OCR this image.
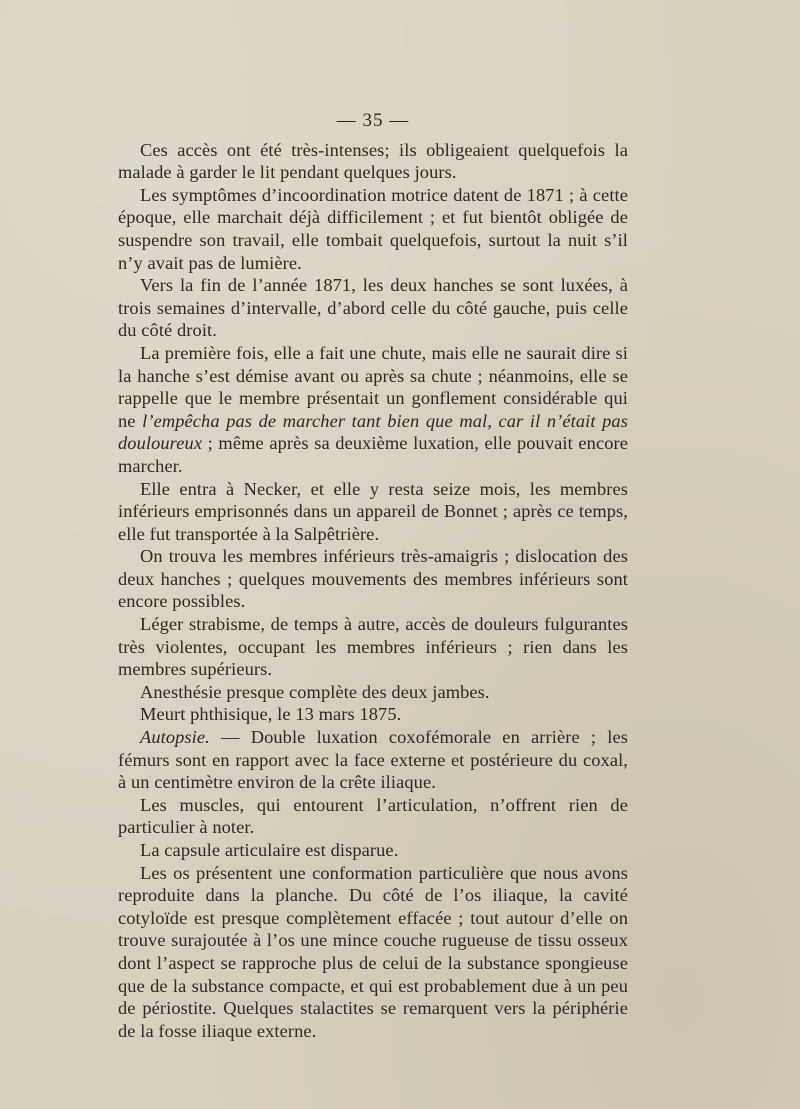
— 35 —

Ces accès ont été très-intenses; ils obligeaient quelquefois la malade à garder le lit pendant quelques jours.

Les symptômes d’incoordination motrice datent de 1871 ; à cette époque, elle marchait déjà difficilement ; et fut bientôt obligée de suspendre son travail, elle tombait quelquefois, surtout la nuit s’il n’y avait pas de lumière.

Vers la fin de l’année 1871, les deux hanches se sont luxées, à trois semaines d’intervalle, d’abord celle du côté gauche, puis celle du côté droit.

La première fois, elle a fait une chute, mais elle ne saurait dire si la hanche s’est démise avant ou après sa chute ; néanmoins, elle se rappelle que le membre présentait un gonflement considérable qui ne l’empêcha pas de marcher tant bien que mal, car il n’était pas douloureux ; même après sa deuxième luxation, elle pouvait encore marcher.

Elle entra à Necker, et elle y resta seize mois, les membres inférieurs emprisonnés dans un appareil de Bonnet ; après ce temps, elle fut transportée à la Salpêtrière.

On trouva les membres inférieurs très-amaigris ; dislocation des deux hanches ; quelques mouvements des membres inférieurs sont encore possibles.

Léger strabisme, de temps à autre, accès de douleurs fulgurantes très violentes, occupant les membres inférieurs ; rien dans les membres supérieurs.

Anesthésie presque complète des deux jambes.

Meurt phthisique, le 13 mars 1875.

Autopsie. — Double luxation coxofémorale en arrière ; les fémurs sont en rapport avec la face externe et postérieure du coxal, à un centimètre environ de la crête iliaque.

Les muscles, qui entourent l’articulation, n’offrent rien de particulier à noter.

La capsule articulaire est disparue.

Les os présentent une conformation particulière que nous avons reproduite dans la planche. Du côté de l’os iliaque, la cavité cotyloïde est presque complètement effacée ; tout autour d’elle on trouve surajoutée à l’os une mince couche rugueuse de tissu osseux dont l’aspect se rapproche plus de celui de la substance spongieuse que de la substance compacte, et qui est probablement due à un peu de périostite. Quelques stalactites se remarquent vers la périphérie de la fosse iliaque externe.
